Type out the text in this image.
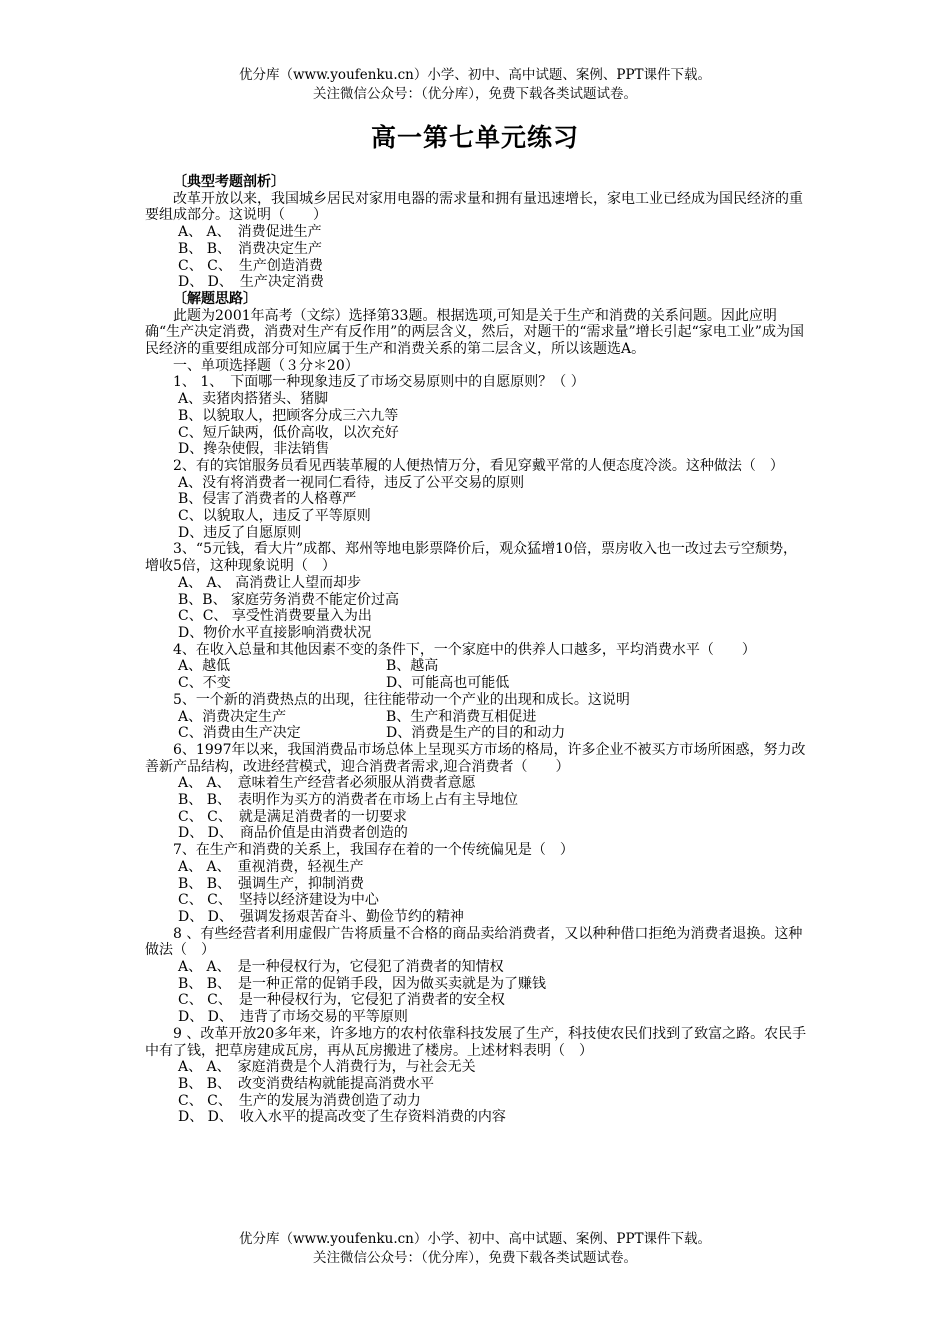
优分库（www.youfenku.cn）小学、初中、高中试题、案例、PPT课件下载。
关注微信公众号：（优分库），免费下载各类试题试卷。
高一第七单元练习

〔典型考题剖析〕

改革开放以来，我国城乡居民对家用电器的需求量和拥有量迅速增长，家电工业已经成为国民经济的重要组成部分。这说明（　　）

A、 A、　消费促进生产

B、 B、　消费决定生产

C、 C、　生产创造消费

D、 D、　生产决定消费

〔解题思路〕

此题为2001年高考（文综）选择第33题。根据选项,可知是关于生产和消费的关系问题。因此应明确“生产决定消费，消费对生产有反作用”的两层含义，然后，对题干的“需求量”增长引起“家电工业”成为国民经济的重要组成部分可知应属于生产和消费关系的第二层含义，所以该题选A。

一、单项选择题（３分＊20）

1、 1、　下面哪一种现象违反了市场交易原则中的自愿原则？（ ）

A、卖猪肉搭猪头、猪脚

B、以貌取人，把顾客分成三六九等

C、短斤缺两，低价高收，以次充好

D、搀杂使假，非法销售

2、有的宾馆服务员看见西装革履的人便热情万分，看见穿戴平常的人便态度冷淡。这种做法（　）

A、没有将消费者一视同仁看待，违反了公平交易的原则

B、侵害了消费者的人格尊严

C、以貌取人，违反了平等原则

D、违反了自愿原则

3、“5元钱，看大片”成都、郑州等地电影票降价后，观众猛增10倍，票房收入也一改过去亏空颓势，增收5倍，这种现象说明（　）

A、 A、 高消费让人望而却步

B、B、 家庭劳务消费不能定价过高

C、C、 享受性消费要量入为出

D、物价水平直接影响消费状况

4、在收入总量和其他因素不变的条件下，一个家庭中的供养人口越多，平均消费水平（　　）

A、越低	B、越高
C、不变	D、可能高也可能低

5、一个新的消费热点的出现，往往能带动一个产业的出现和成长。这说明

A、消费决定生产	B、生产和消费互相促进
C、消费由生产决定	D、消费是生产的目的和动力

6、1997年以来，我国消费品市场总体上呈现买方市场的格局，许多企业不被买方市场所困惑，努力改善新产品结构，改进经营模式，迎合消费者需求,迎合消费者（　　）

A、 A、　意味着生产经营者必须服从消费者意愿

B、 B、　表明作为买方的消费者在市场上占有主导地位

C、 C、　就是满足消费者的一切要求

D、 D、　商品价值是由消费者创造的

7、在生产和消费的关系上，我国存在着的一个传统偏见是（　）

A、 A、　重视消费，轻视生产

B、 B、　强调生产，抑制消费

C、 C、　坚持以经济建设为中心

D、 D、　强调发扬艰苦奋斗、勤俭节约的精神

8 、有些经营者利用虚假广告将质量不合格的商品卖给消费者，又以种种借口拒绝为消费者退换。这种做法（　）

A、 A、　是一种侵权行为，它侵犯了消费者的知情权

B、 B、　是一种正常的促销手段，因为做买卖就是为了赚钱

C、 C、　是一种侵权行为，它侵犯了消费者的安全权

D、 D、　违背了市场交易的平等原则

9 、改革开放20多年来，许多地方的农村依靠科技发展了生产，科技使农民们找到了致富之路。农民手中有了钱，把草房建成瓦房，再从瓦房搬进了楼房。上述材料表明（　）

A、 A、　家庭消费是个人消费行为，与社会无关

B、 B、　改变消费结构就能提高消费水平

C、 C、　生产的发展为消费创造了动力

D、 D、　收入水平的提高改变了生存资料消费的内容

优分库（www.youfenku.cn）小学、初中、高中试题、案例、PPT课件下载。
关注微信公众号：（优分库），免费下载各类试题试卷。
